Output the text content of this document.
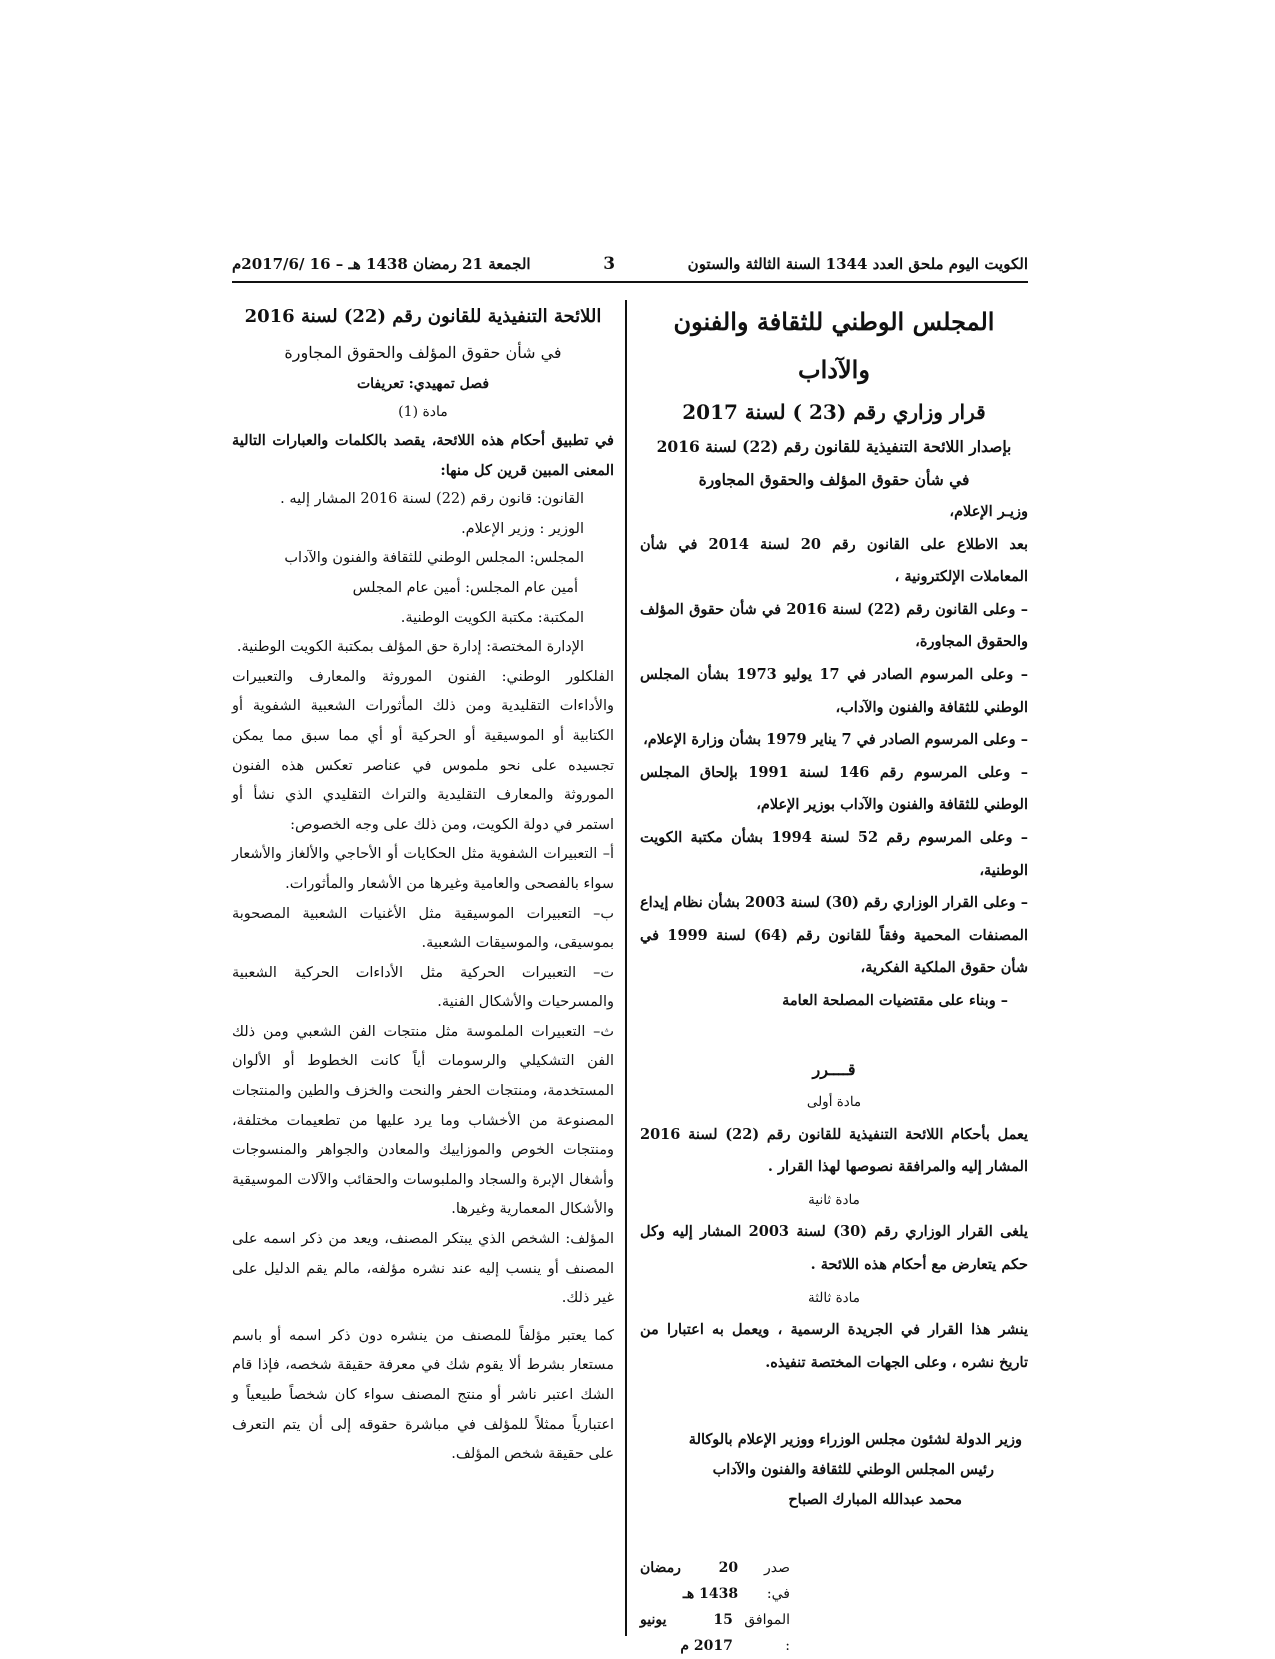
الكويت اليوم ملحق العدد 1344 السنة الثالثة والستون
3
الجمعة 21 رمضان 1438 هـ – 16 /2017/6م

المجلس الوطني للثقافة والفنون والآداب

قرار وزاري رقم (23 ) لسنة 2017

بإصدار اللائحة التنفيذية للقانون رقم (22) لسنة 2016

في شأن حقوق المؤلف والحقوق المجاورة

وزيـر الإعلام،

بعد الاطلاع على القانون رقم 20 لسنة 2014 في شأن المعاملات الإلكترونية ،

– وعلى القانون رقم (22) لسنة 2016 في شأن حقوق المؤلف والحقوق المجاورة،

– وعلى المرسوم الصادر في 17 يوليو 1973 بشأن المجلس الوطني للثقافة والفنون والآداب،

– وعلى المرسوم الصادر في 7 يناير 1979 بشأن وزارة الإعلام،

– وعلى المرسوم رقم 146 لسنة 1991 بإلحاق المجلس الوطني للثقافة والفنون والآداب بوزير الإعلام،

– وعلى المرسوم رقم 52 لسنة 1994 بشأن مكتبة الكويت الوطنية،

– وعلى القرار الوزاري رقم (30) لسنة 2003 بشأن نظام إيداع المصنفات المحمية وفقاً للقانون رقم (64) لسنة 1999 في شأن حقوق الملكية الفكرية،

– وبناء على مقتضيات المصلحة العامة

قــــرر

مادة أولى

يعمل بأحكام اللائحة التنفيذية للقانون رقم (22) لسنة 2016 المشار إليه والمرافقة نصوصها لهذا القرار .

مادة ثانية

يلغى القرار الوزاري رقم (30) لسنة 2003 المشار إليه وكل حكم يتعارض مع أحكام هذه اللائحة .

مادة ثالثة

ينشر هذا القرار في الجريدة الرسمية ، ويعمل به اعتبارا من تاريخ نشره ، وعلى الجهات المختصة تنفيذه.

وزير الدولة لشئون مجلس الوزراء ووزير الإعلام بالوكالة

رئيس المجلس الوطني للثقافة والفنون والآداب

محمد عبدالله المبارك الصباح

صدر في:
20 رمضان 1438 هـ
الموافق :
15 يونيو 2017 م

اللائحة التنفيذية للقانون رقم (22) لسنة 2016

في شأن حقوق المؤلف والحقوق المجاورة

فصل تمهيدي: تعريفات

مادة (1)

في تطبيق أحكام هذه اللائحة، يقصد بالكلمات والعبارات التالية المعنى المبين قرين كل منها:

القانون: قانون رقم (22) لسنة 2016 المشار إليه .

الوزير : وزير الإعلام.

المجلس: المجلس الوطني للثقافة والفنون والآداب

أمين عام المجلس: أمين عام المجلس

المكتبة: مكتبة الكويت الوطنية.

الإدارة المختصة: إدارة حق المؤلف بمكتبة الكويت الوطنية.

الفلكلور الوطني: الفنون الموروثة والمعارف والتعبيرات والأداءات التقليدية ومن ذلك المأثورات الشعبية الشفوية أو الكتابية أو الموسيقية أو الحركية أو أي مما سبق مما يمكن تجسيده على نحو ملموس في عناصر تعكس هذه الفنون الموروثة والمعارف التقليدية والتراث التقليدي الذي نشأ أو استمر في دولة الكويت، ومن ذلك على وجه الخصوص:

أ– التعبيرات الشفوية مثل الحكايات أو الأحاجي والألغاز والأشعار سواء بالفصحى والعامية وغيرها من الأشعار والمأثورات.

ب– التعبيرات الموسيقية مثل الأغنيات الشعبية المصحوبة بموسيقى، والموسيقات الشعبية.

ت– التعبيرات الحركية مثل الأداءات الحركية الشعبية والمسرحيات والأشكال الفنية.

ث– التعبيرات الملموسة مثل منتجات الفن الشعبي ومن ذلك الفن التشكيلي والرسومات أياً كانت الخطوط أو الألوان المستخدمة، ومنتجات الحفر والنحت والخزف والطين والمنتجات المصنوعة من الأخشاب وما يرد عليها من تطعيمات مختلفة، ومنتجات الخوص والموزاييك والمعادن والجواهر والمنسوجات وأشغال الإبرة والسجاد والملبوسات والحقائب والآلات الموسيقية والأشكال المعمارية وغيرها.

المؤلف: الشخص الذي يبتكر المصنف، ويعد من ذكر اسمه على المصنف أو ينسب إليه عند نشره مؤلفه، مالم يقم الدليل على غير ذلك.

كما يعتبر مؤلفاً للمصنف من ينشره دون ذكر اسمه أو باسم مستعار بشرط ألا يقوم شك في معرفة حقيقة شخصه، فإذا قام الشك اعتبر ناشر أو منتج المصنف سواء كان شخصاً طبيعياً و اعتبارياً ممثلاً للمؤلف في مباشرة حقوقه إلى أن يتم التعرف على حقيقة شخص المؤلف.
